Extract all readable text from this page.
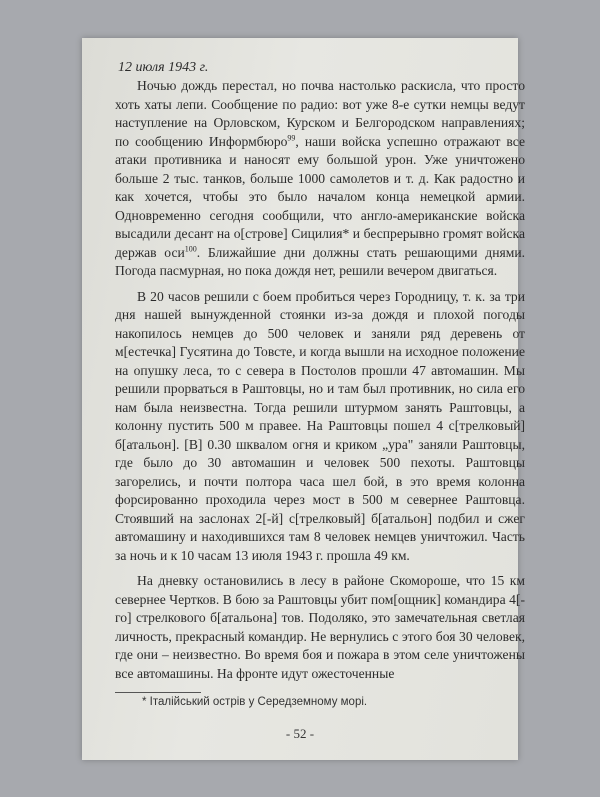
12 июля 1943 г.

Ночью дождь перестал, но почва настолько раскисла, что просто хоть хаты лепи. Сообщение по радио: вот уже 8-е сутки немцы ведут наступление на Орловском, Курском и Белгородском направлениях; по сообщению Информбюро$^{99}$, наши войска успешно отражают все атаки противника и наносят ему большой урон. Уже уничтожено больше 2 тыс. танков, больше 1000 самолетов и т. д. Как радостно и как хочется, чтобы это было началом конца немецкой армии. Одновременно сегодня сообщили, что англо-американские войска высадили десант на о[строве] Сицилия* и беспрерывно громят войска держав оси$^{100}$. Ближайшие дни должны стать решающими днями. Погода пасмурная, но пока дождя нет, решили вечером двигаться.

В 20 часов решили с боем пробиться через Городницу, т. к. за три дня нашей вынужденной стоянки из-за дождя и плохой погоды накопилось немцев до 500 человек и заняли ряд деревень от м[естечка] Гусятина до Товсте, и когда вышли на исходное положение на опушку леса, то с севера в Постолов прошли 47 автомашин. Мы решили прорваться в Раштовцы, но и там был противник, но сила его нам была неизвестна. Тогда решили штурмом занять Раштовцы, а колонну пустить 500 м правее. На Раштовцы пошел 4 с[трелковый] б[атальон]. [В] 0.30 шквалом огня и криком „ура" заняли Раштовцы, где было до 30 автомашин и человек 500 пехоты. Раштовцы загорелись, и почти полтора часа шел бой, в это время колонна форсированно проходила через мост в 500 м севернее Раштовца. Стоявший на заслонах 2[-й] с[трелковый] б[атальон] подбил и сжег автомашину и находившихся там 8 человек немцев уничтожил. Часть за ночь и к 10 часам 13 июля 1943 г. прошла 49 км.

На дневку остановились в лесу в районе Скомороше, что 15 км севернее Чертков. В бою за Раштовцы убит пом[ощник] командира 4[-го] стрелкового б[атальона] тов. Подоляко, это замечательная светлая личность, прекрасный командир. Не вернулись с этого боя 30 человек, где они – неизвестно. Во время боя и пожара в этом селе уничтожены все автомашины. На фронте идут ожесточенные

* Італійський острів у Середземному морі.
- 52 -
